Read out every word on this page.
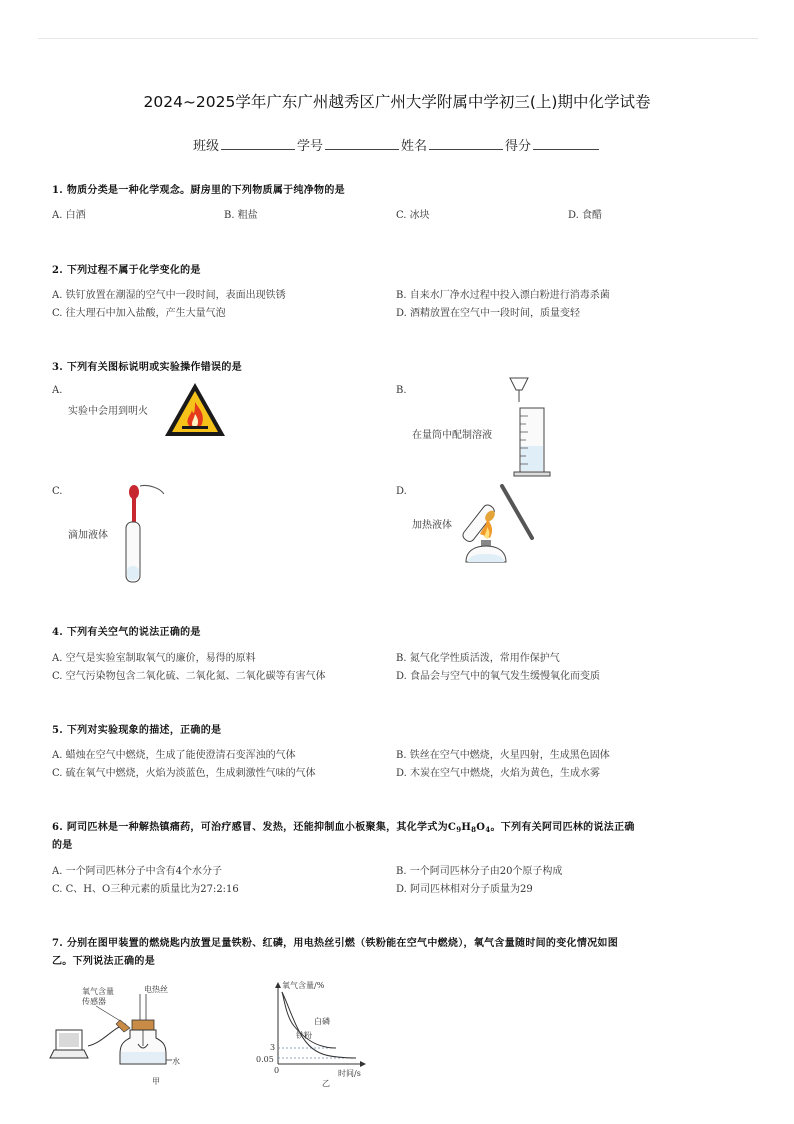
2024~2025学年广东广州越秀区广州大学附属中学初三(上)期中化学试卷
班级	学号	姓名	得分
1. 物质分类是一种化学观念。厨房里的下列物质属于纯净物的是
A. 白酒	B. 粗盐	C. 冰块	D. 食醋
2. 下列过程不属于化学变化的是
A. 铁钉放置在潮湿的空气中一段时间，表面出现铁锈	B. 自来水厂净水过程中投入漂白粉进行消毒杀菌
C. 往大理石中加入盐酸，产生大量气泡	D. 酒精放置在空气中一段时间，质量变轻
3. 下列有关图标说明或实验操作错误的是
A.
实验中会用到明火
B.
在量筒中配制溶液
C.
滴加液体
D.
加热液体
4. 下列有关空气的说法正确的是
A. 空气是实验室制取氧气的廉价，易得的原料	B. 氮气化学性质活泼，常用作保护气
C. 空气污染物包含二氧化硫、二氧化氮、二氧化碳等有害气体	D. 食品会与空气中的氧气发生缓慢氧化而变质
5. 下列对实验现象的描述，正确的是
A. 蜡烛在空气中燃烧，生成了能使澄清石变浑浊的气体	B. 铁丝在空气中燃烧，火星四射，生成黑色固体
C. 硫在氧气中燃烧，火焰为淡蓝色，生成刺激性气味的气体	D. 木炭在空气中燃烧，火焰为黄色，生成水雾
6. 阿司匹林是一种解热镇痛药，可治疗感冒、发热，还能抑制血小板聚集，其化学式为$C_9H_8O_4$。下列有关阿司匹林的说法正确
的是
A. 一个阿司匹林分子中含有4个水分子	B. 一个阿司匹林分子由20个原子构成
C. C、H、O三种元素的质量比为27:2:16	D. 阿司匹林相对分子质量为29
7. 分别在图甲装置的燃烧匙内放置足量铁粉、红磷，用电热丝引燃（铁粉能在空气中燃烧），氧气含量随时间的变化情况如图
乙。下列说法正确的是
氧气含量
传感器
电热丝
水
甲
氧气含量/%
时间/s
3
0.05
0
白磷
铁粉
乙
